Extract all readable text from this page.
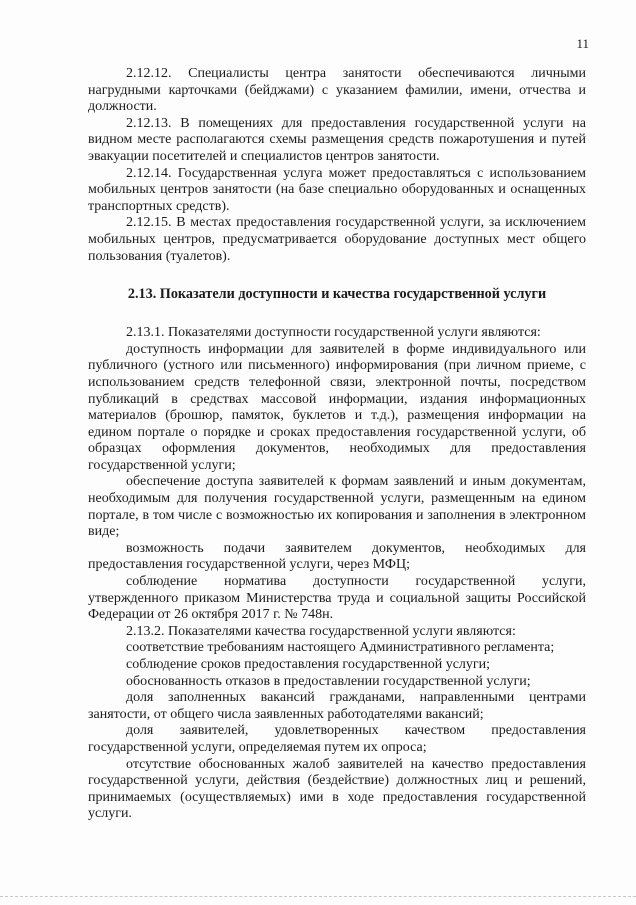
11

2.12.12. Специалисты центра занятости обеспечиваются личными нагрудными карточками (бейджами) с указанием фамилии, имени, отчества и должности.

2.12.13. В помещениях для предоставления государственной услуги на видном месте располагаются схемы размещения средств пожаротушения и путей эвакуации посетителей и специалистов центров занятости.

2.12.14. Государственная услуга может предоставляться с использованием мобильных центров занятости (на базе специально оборудованных и оснащенных транспортных средств).

2.12.15. В местах предоставления государственной услуги, за исключением мобильных центров, предусматривается оборудование доступных мест общего пользования (туалетов).

2.13. Показатели доступности и качества государственной услуги

2.13.1. Показателями доступности государственной услуги являются:

доступность информации для заявителей в форме индивидуального или публичного (устного или письменного) информирования (при личном приеме, с использованием средств телефонной связи, электронной почты, посредством публикаций в средствах массовой информации, издания информационных материалов (брошюр, памяток, буклетов и т.д.), размещения информации на едином портале о порядке и сроках предоставления государственной услуги, об образцах оформления документов, необходимых для предоставления государственной услуги;

обеспечение доступа заявителей к формам заявлений и иным документам, необходимым для получения государственной услуги, размещенным на едином портале, в том числе с возможностью их копирования и заполнения в электронном виде;

возможность подачи заявителем документов, необходимых для предоставления государственной услуги, через МФЦ;

соблюдение норматива доступности государственной услуги, утвержденного приказом Министерства труда и социальной защиты Российской Федерации от 26 октября 2017 г. № 748н.

2.13.2. Показателями качества государственной услуги являются:

соответствие требованиям настоящего Административного регламента;

соблюдение сроков предоставления государственной услуги;

обоснованность отказов в предоставлении государственной услуги;

доля заполненных вакансий гражданами, направленными центрами занятости, от общего числа заявленных работодателями вакансий;

доля заявителей, удовлетворенных качеством предоставления государственной услуги, определяемая путем их опроса;

отсутствие обоснованных жалоб заявителей на качество предоставления государственной услуги, действия (бездействие) должностных лиц и решений, принимаемых (осуществляемых) ими в ходе предоставления государственной услуги.
